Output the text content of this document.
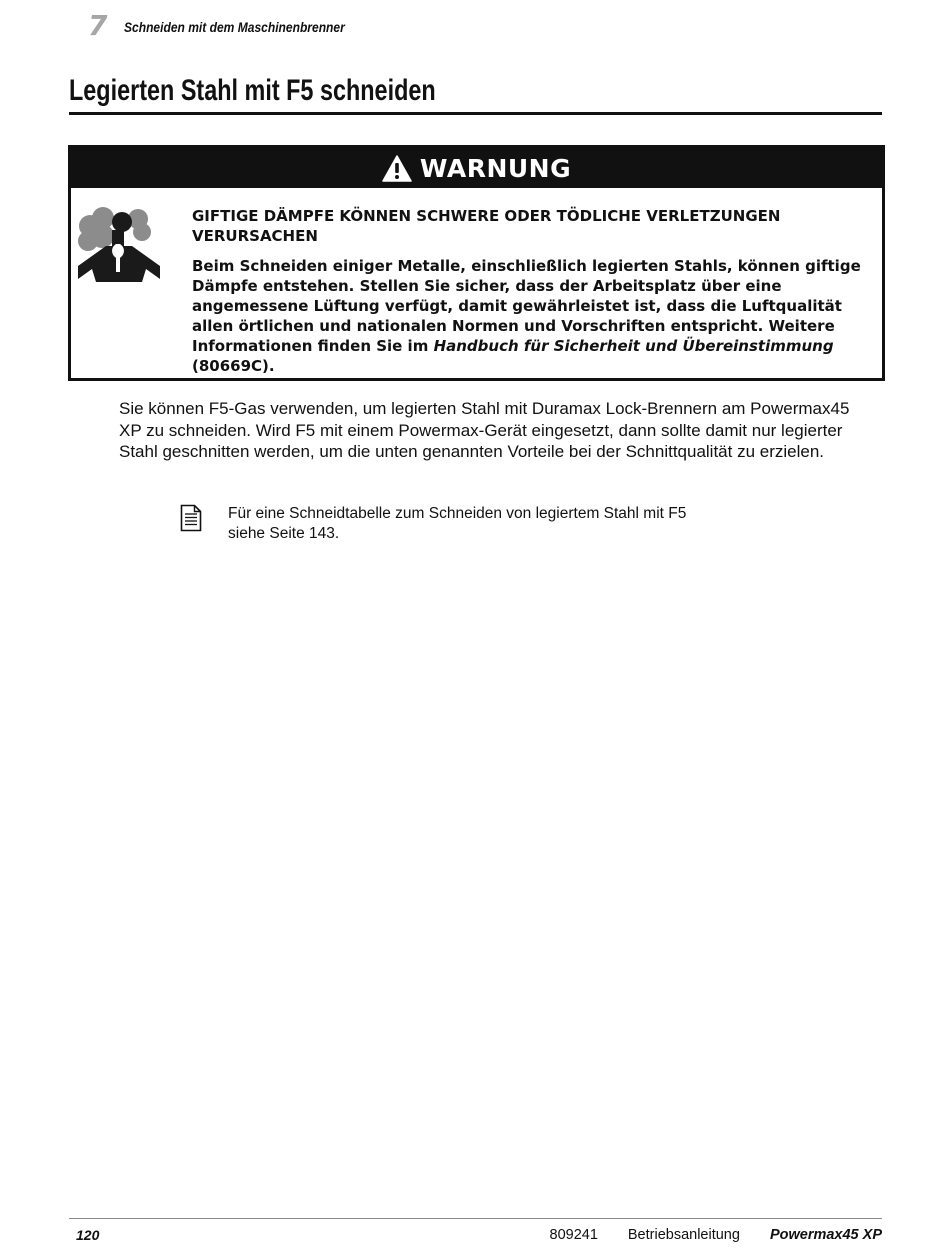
7 Schneiden mit dem Maschinenbrenner
Legierten Stahl mit F5 schneiden
WARNUNG

GIFTIGE DÄMPFE KÖNNEN SCHWERE ODER TÖDLICHE VERLETZUNGEN VERURSACHEN

Beim Schneiden einiger Metalle, einschließlich legierten Stahls, können giftige Dämpfe entstehen. Stellen Sie sicher, dass der Arbeitsplatz über eine angemessene Lüftung verfügt, damit gewährleistet ist, dass die Luftqualität allen örtlichen und nationalen Normen und Vorschriften entspricht. Weitere Informationen finden Sie im Handbuch für Sicherheit und Übereinstimmung (80669C).

Sie können F5-Gas verwenden, um legierten Stahl mit Duramax Lock-Brennern am Powermax45 XP zu schneiden. Wird F5 mit einem Powermax-Gerät eingesetzt, dann sollte damit nur legierter Stahl geschnitten werden, um die unten genannten Vorteile bei der Schnittqualität zu erzielen.

Für eine Schneidtabelle zum Schneiden von legiertem Stahl mit F5 siehe Seite 143.

120	809241 Betriebsanleitung Powermax45 XP
